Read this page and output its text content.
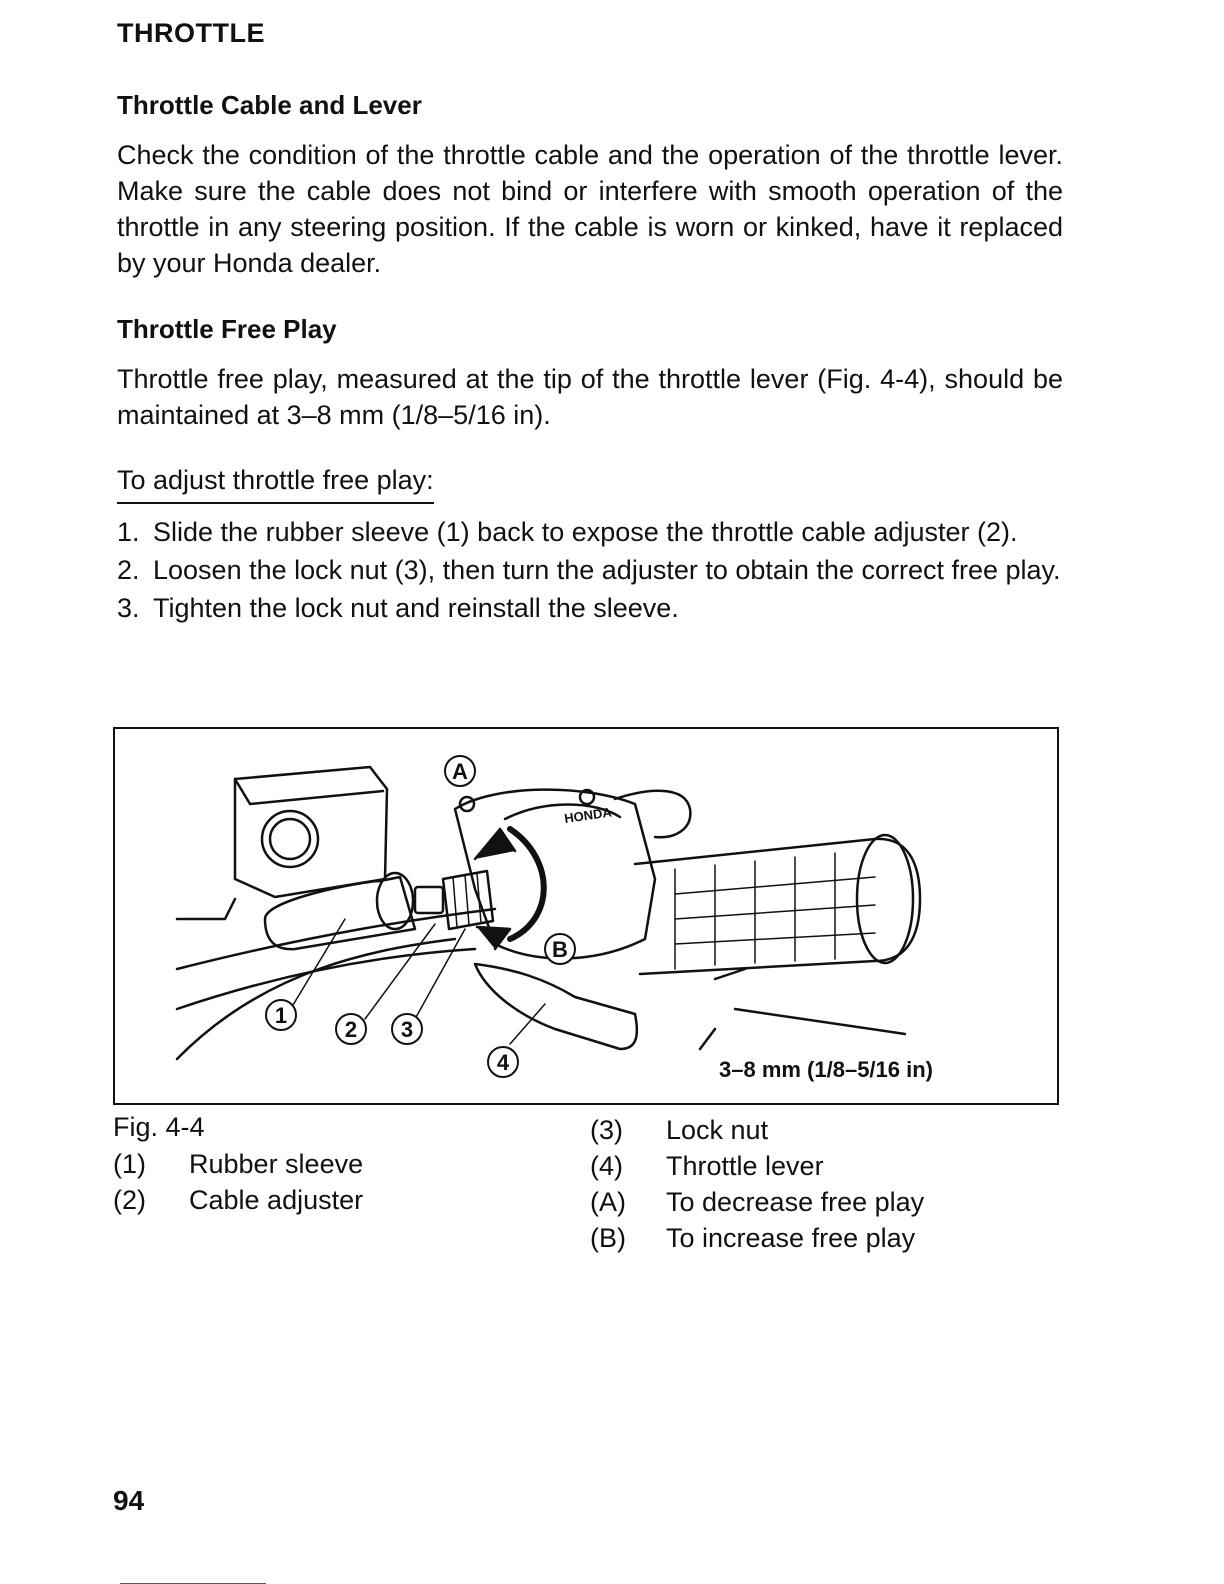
THROTTLE
Throttle Cable and Lever

Check the condition of the throttle cable and the operation of the throttle lever. Make sure the cable does not bind or interfere with smooth operation of the throttle in any steering position. If the cable is worn or kinked, have it replaced by your Honda dealer.

Throttle Free Play

Throttle free play, measured at the tip of the throttle lever (Fig. 4-4), should be maintained at 3–8 mm (1/8–5/16 in).

To adjust throttle free play:

1. Slide the rubber sleeve (1) back to expose the throttle cable adjuster (2).
2. Loosen the lock nut (3), then turn the adjuster to obtain the correct free play.
3. Tighten the lock nut and reinstall the sleeve.
1
2 3
4
A
B
HONDA
3–8 mm (1/8–5/16 in)

Fig. 4-4

(1)	Rubber sleeve
(2)	Cable adjuster
(3)	Lock nut
(4)	Throttle lever
(A)	To decrease free play
(B)	To increase free play
94
